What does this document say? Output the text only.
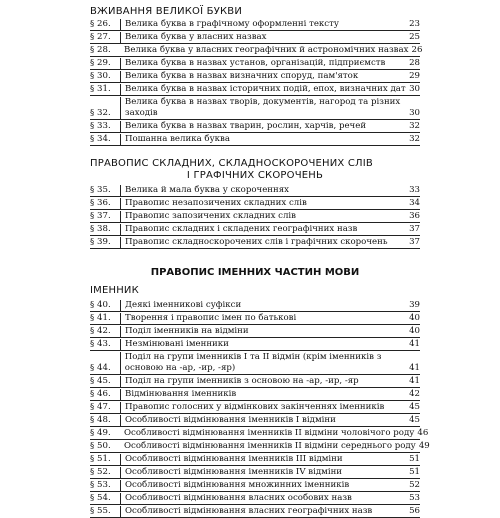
ВЖИВАННЯ ВЕЛИКОЇ БУКВИ
§ 26.	Велика буква в графічному оформленні тексту	23
§ 27.	Велика буква у власних назвах	25
§ 28.	Велика буква у власних географічних й астрономічних назвах 26
§ 29.	Велика буква в назвах установ, організацій, підприємств	28
§ 30.	Велика буква в назвах визначних споруд, пам'яток	29
§ 31.	Велика буква в назвах історичних подій, епох, визначних дат 30
§ 32.
Велика буква в назвах творів, документів, нагород та різних заходів	30
§ 33.	Велика буква в назвах тварин, рослин, харчів, речей	32
§ 34.	Пошанна велика буква	32
ПРАВОПИС СКЛАДНИХ, СКЛАДНОСКОРОЧЕНИХ СЛІВ
І ГРАФІЧНИХ СКОРОЧЕНЬ
§ 35.	Велика й мала буква у скороченнях	33
§ 36.	Правопис незапозичених складних слів	34
§ 37.	Правопис запозичених складних слів	36
§ 38.	Правопис складних і складених географічних назв	37
§ 39.	Правопис складноскорочених слів і графічних скорочень	37
ПРАВОПИС ІМЕННИХ ЧАСТИН МОВИ
ІМЕННИК
§ 40.	Деякі іменникові суфікси	39
§ 41.	Творення і правопис імен по батькові	40
§ 42.	Поділ іменників на відміни	40
§ 43.	Незмінювані іменники	41
§ 44.
Поділ на групи іменників І та ІІ відмін (крім іменників з основою на -ар, -ир, -яр)	41
§ 45.	Поділ на групи іменників з основою на -ар, -ир, -яр	41
§ 46.	Відмінювання іменників	42
§ 47.	Правопис голосних у відмінкових закінченнях іменників	45
§ 48.	Особливості відмінювання іменників І відміни	45
§ 49.	Особливості відмінювання іменників ІІ відміни чоловічого роду 46
§ 50.	Особливості відмінювання іменників ІІ відміни середнього роду 49
§ 51.	Особливості відмінювання іменників ІІІ відміни	51
§ 52.	Особливості відмінювання іменників IV відміни	51
§ 53.	Особливості відмінювання множинних іменників	52
§ 54.	Особливості відмінювання власних особових назв	53
§ 55.	Особливості відмінювання власних географічних назв	56
